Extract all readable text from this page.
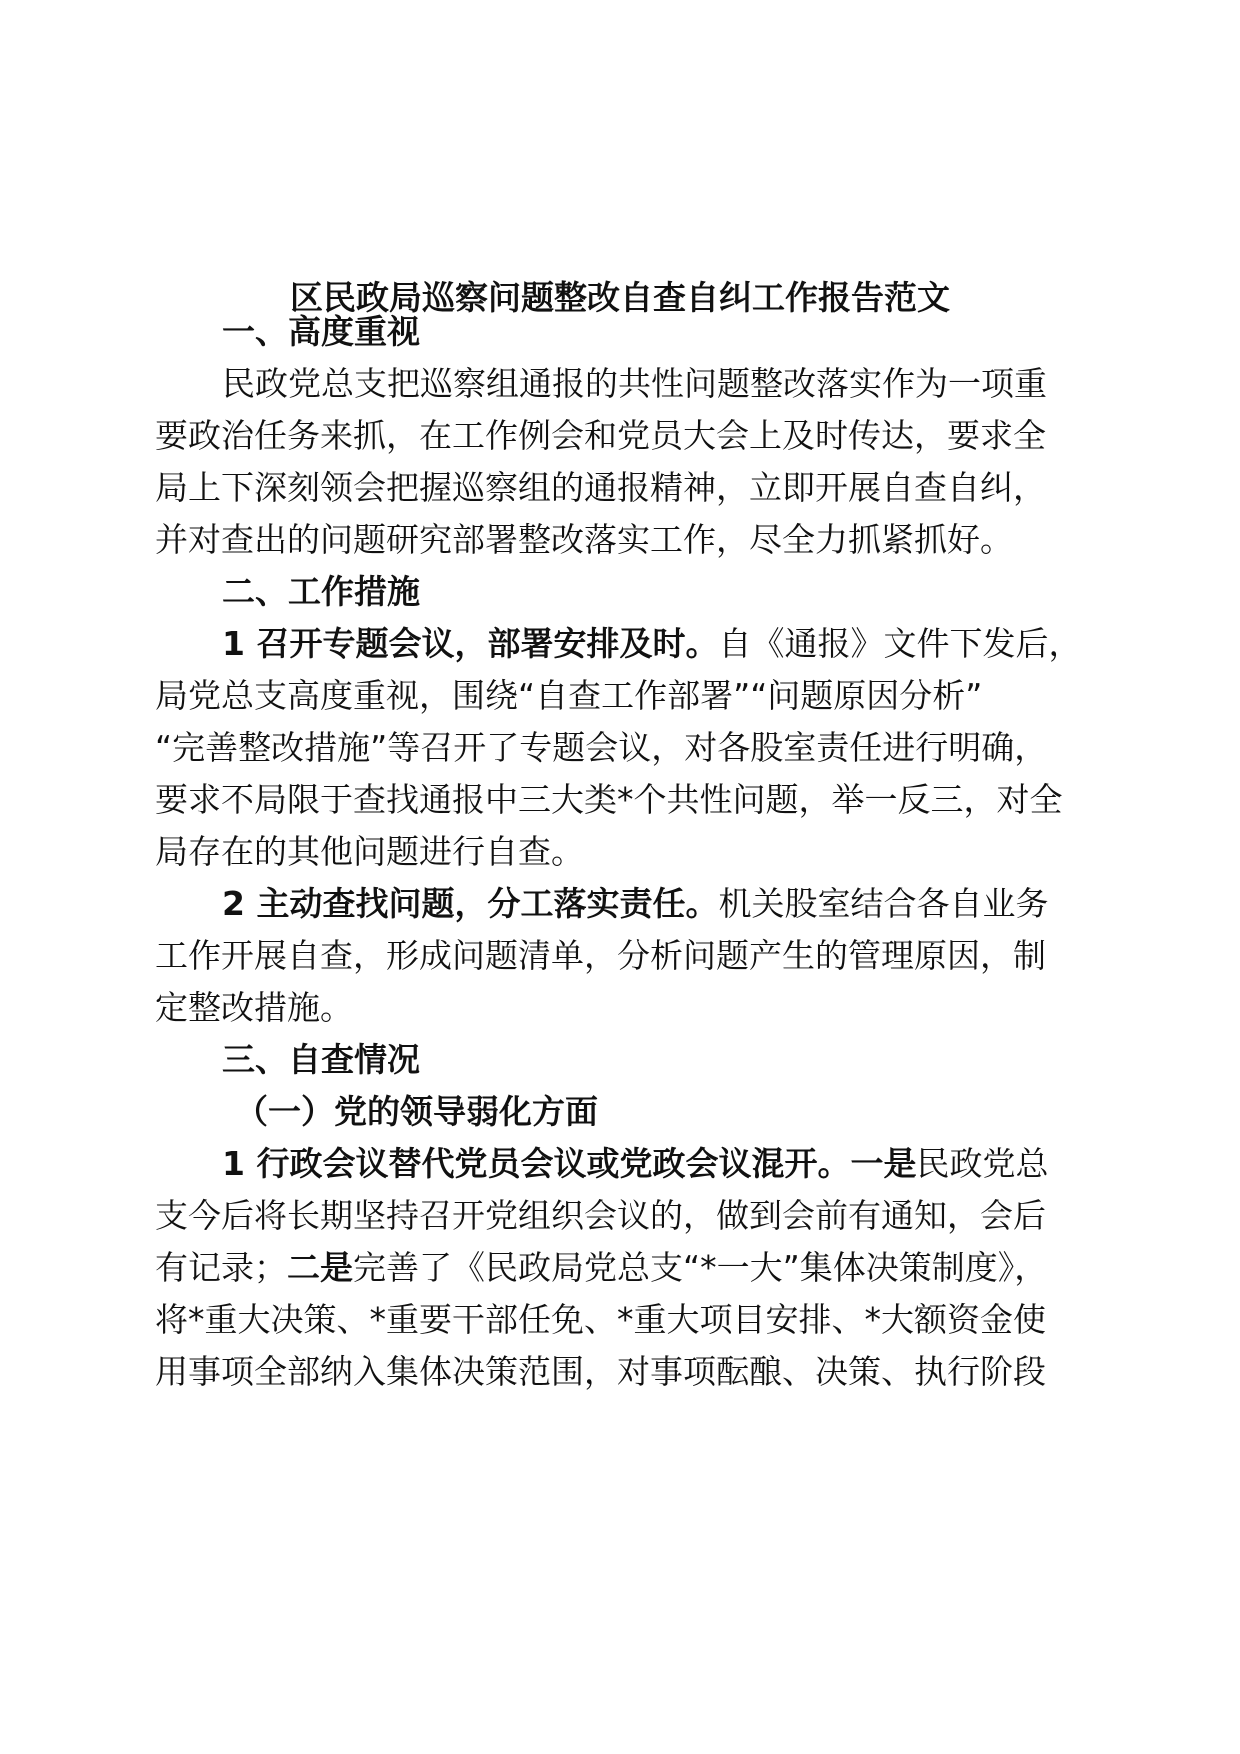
区民政局巡察问题整改自查自纠工作报告范文
一、高度重视
民政党总支把巡察组通报的共性问题整改落实作为一项重
要政治任务来抓，在工作例会和党员大会上及时传达，要求全
局上下深刻领会把握巡察组的通报精神，立即开展自查自纠，
并对查出的问题研究部署整改落实工作，尽全力抓紧抓好。
二、工作措施
1 召开专题会议，部署安排及时。自《通报》文件下发后，
局党总支高度重视，围绕“自查工作部署”“问题原因分析”
“完善整改措施”等召开了专题会议，对各股室责任进行明确，
要求不局限于查找通报中三大类*个共性问题，举一反三，对全
局存在的其他问题进行自查。
2 主动查找问题，分工落实责任。机关股室结合各自业务
工作开展自查，形成问题清单，分析问题产生的管理原因，制
定整改措施。
三、自查情况
（一）党的领导弱化方面
1 行政会议替代党员会议或党政会议混开。一是民政党总
支今后将长期坚持召开党组织会议的，做到会前有通知，会后
有记录；二是完善了《民政局党总支“*一大”集体决策制度》，
将*重大决策、*重要干部任免、*重大项目安排、*大额资金使
用事项全部纳入集体决策范围，对事项酝酿、决策、执行阶段
